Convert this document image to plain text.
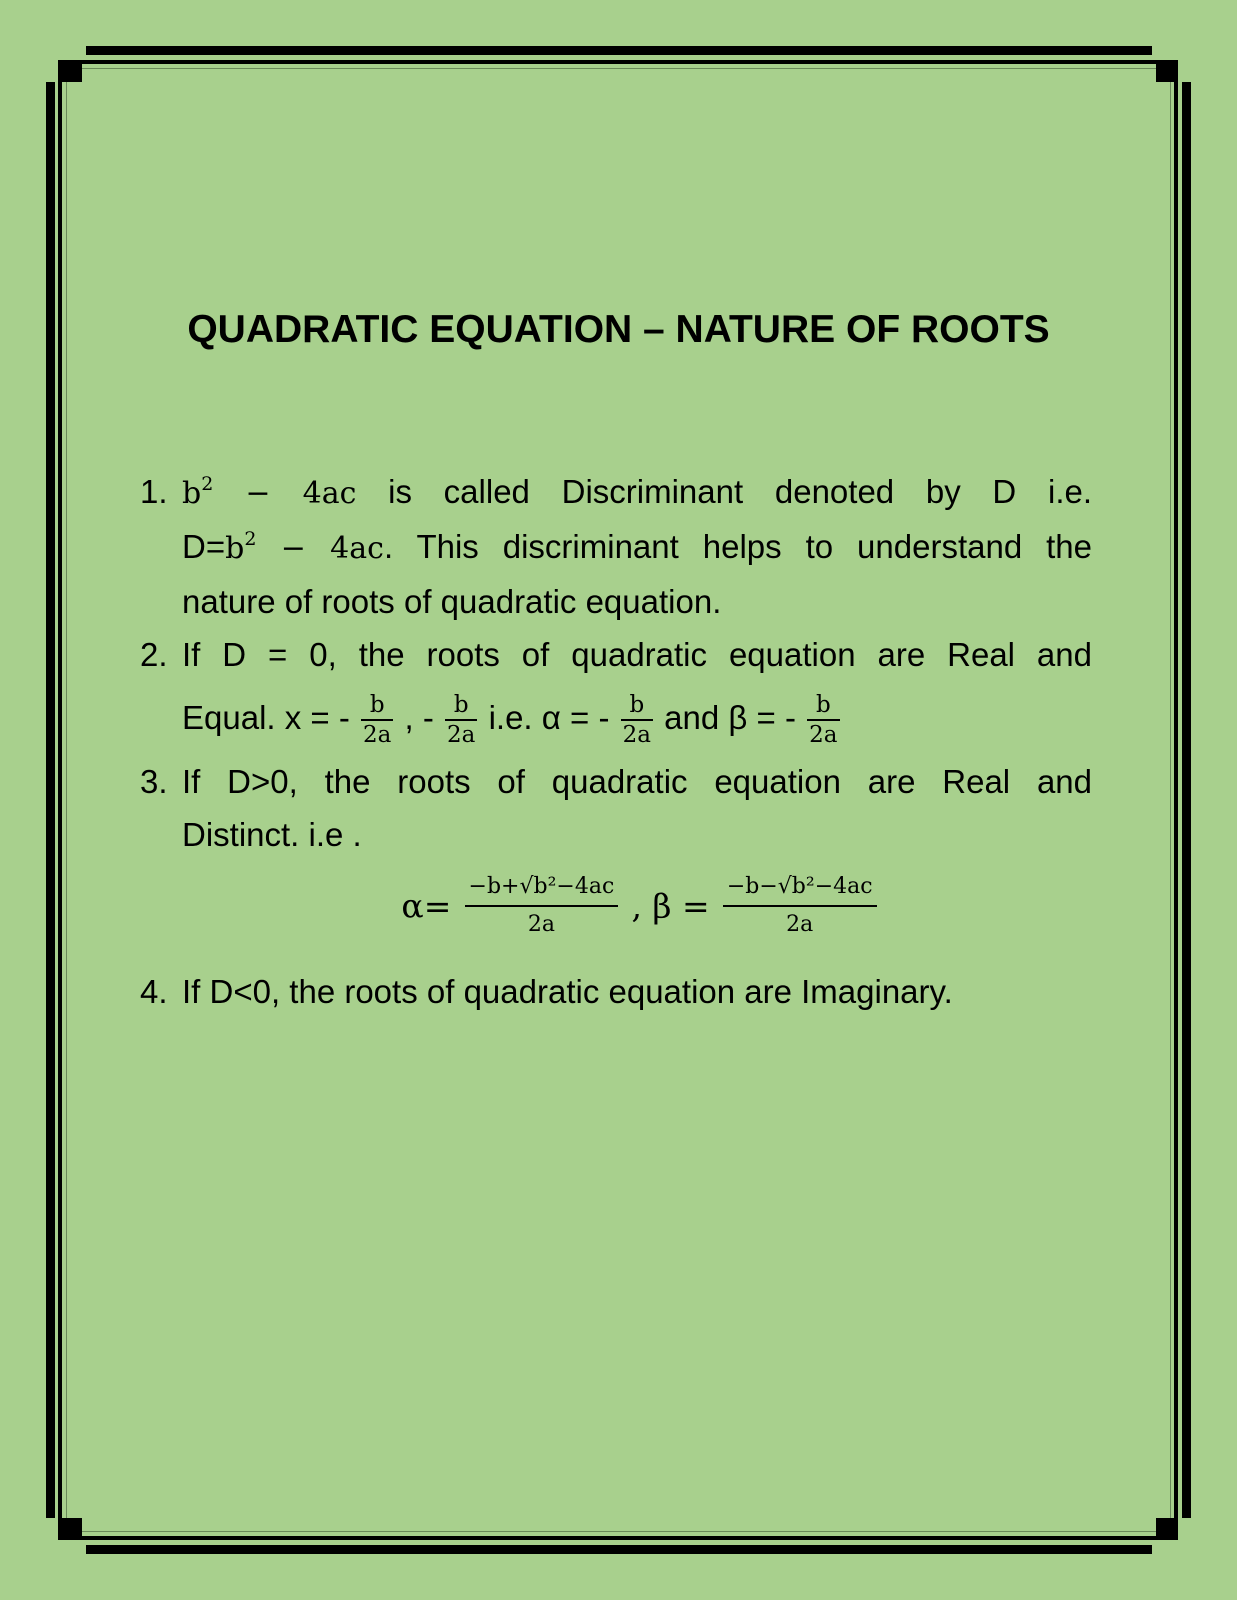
QUADRATIC EQUATION – NATURE OF ROOTS
1. $b^2 - 4ac$ is called Discriminant denoted by D i.e.
$D=b^2 - 4ac$. This discriminant helps to understand the
nature of roots of quadratic equation.
2. If D = 0, the roots of quadratic equation are Real and
Equal. x = - $\frac{b}{2a}$ , - $\frac{b}{2a} i.e$. α = - $\frac{b}{2a}$ and β = - $\frac{b}{2a}$
3. If D>0, the roots of quadratic equation are Real and
Distinct. i.e .
$\alpha= \frac{\text{−b+√b²−4ac}}{2a}$ , $\beta = \frac{\text{−b−√b²−4ac}}{2a}$
4. If D<0, the roots of quadratic equation are Imaginary.
